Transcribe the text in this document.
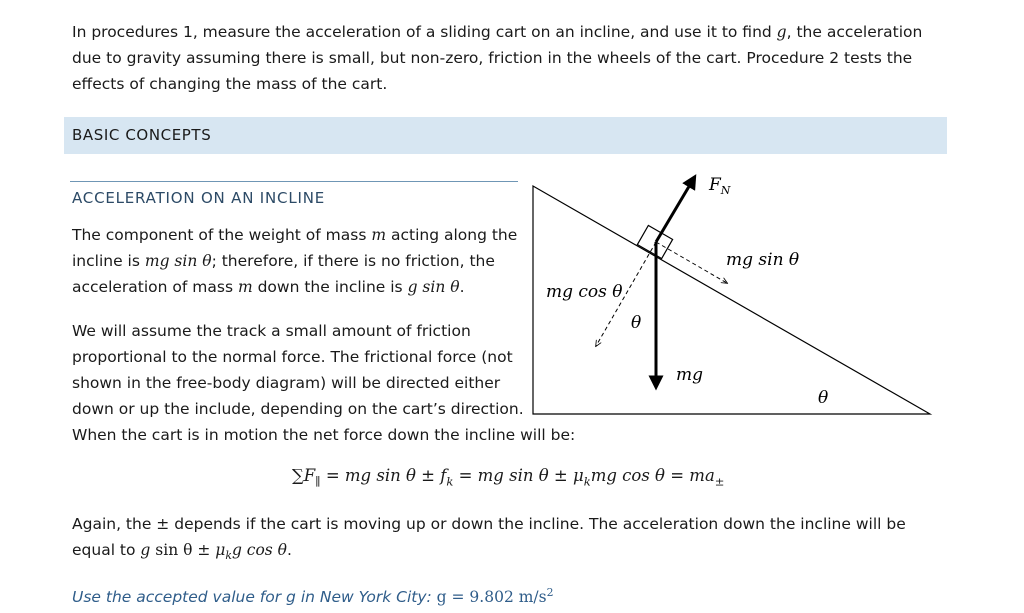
In procedures 1, measure the acceleration of a sliding cart on an incline, and use it to find g, the acceleration due to gravity assuming there is small, but non-zero, friction in the wheels of the cart. Procedure 2 tests the effects of changing the mass of the cart.

BASIC CONCEPTS
ACCELERATION ON AN INCLINE

The component of the weight of mass m acting along the incline is mg sin θ; therefore, if there is no friction, the acceleration of mass m down the incline is g sin θ.

We will assume the track a small amount of friction proportional to the normal force. The frictional force (not shown in the free-body diagram) will be directed either down or up the include, depending on the cart’s direction.

When the cart is in motion the net force down the incline will be:

$\sum F_\parallel$ = mg $\sin \theta \pm f_k$ = mg $\sin \theta \pm \mu_kmg$ $\cos \theta = ma_\pm$

Again, the ± depends if the cart is moving up or down the incline. The acceleration down the incline will be equal to g $\sin \theta \pm \mu_kg$ cos θ.

Use the accepted value for g in New York City: g = 9.802 $m/s^2$

$F_N$
mg sin θ
mg cos θ
θ
mg
θ
